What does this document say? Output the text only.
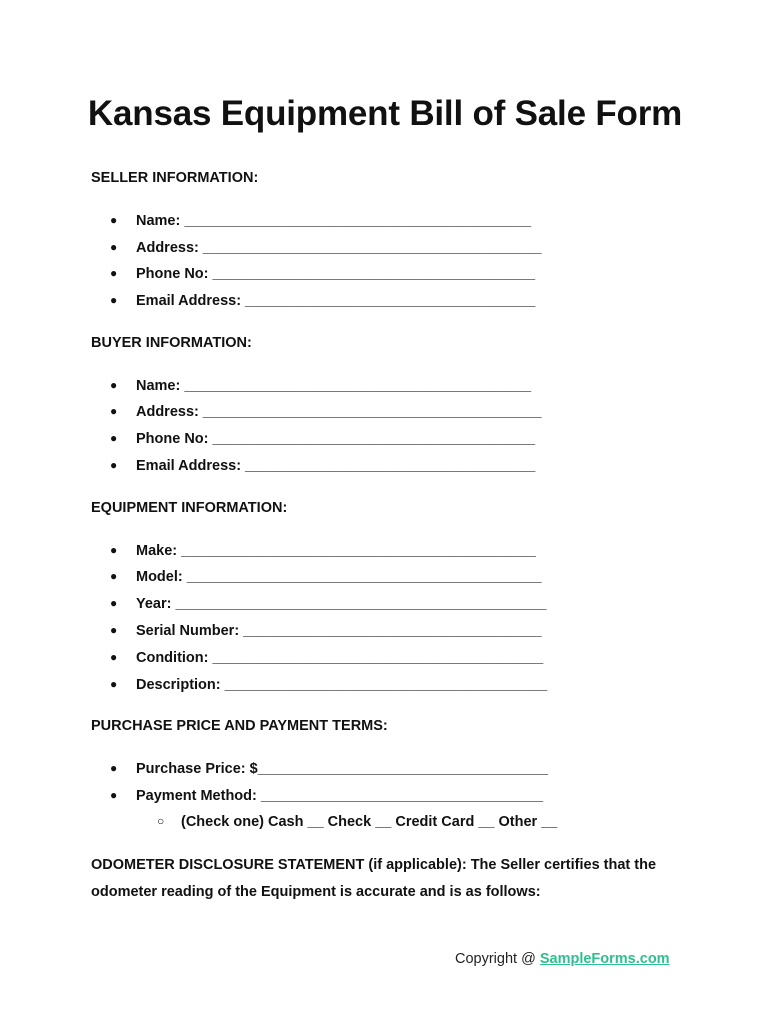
Kansas Equipment Bill of Sale Form
SELLER INFORMATION:
● Name: ___________________________________________
● Address: __________________________________________
● Phone No: ________________________________________
● Email Address: ____________________________________
BUYER INFORMATION:
● Name: ___________________________________________
● Address: __________________________________________
● Phone No: ________________________________________
● Email Address: ____________________________________
EQUIPMENT INFORMATION:
● Make: ____________________________________________
● Model: ____________________________________________
● Year: ______________________________________________
● Serial Number: _____________________________________
● Condition: _________________________________________
● Description: ________________________________________
PURCHASE PRICE AND PAYMENT TERMS:
● Purchase Price: $____________________________________
● Payment Method: ___________________________________
○ (Check one) Cash __ Check __ Credit Card __ Other __
ODOMETER DISCLOSURE STATEMENT (if applicable): The Seller certifies that the odometer reading of the Equipment is accurate and is as follows:
Copyright @ SampleForms.com
